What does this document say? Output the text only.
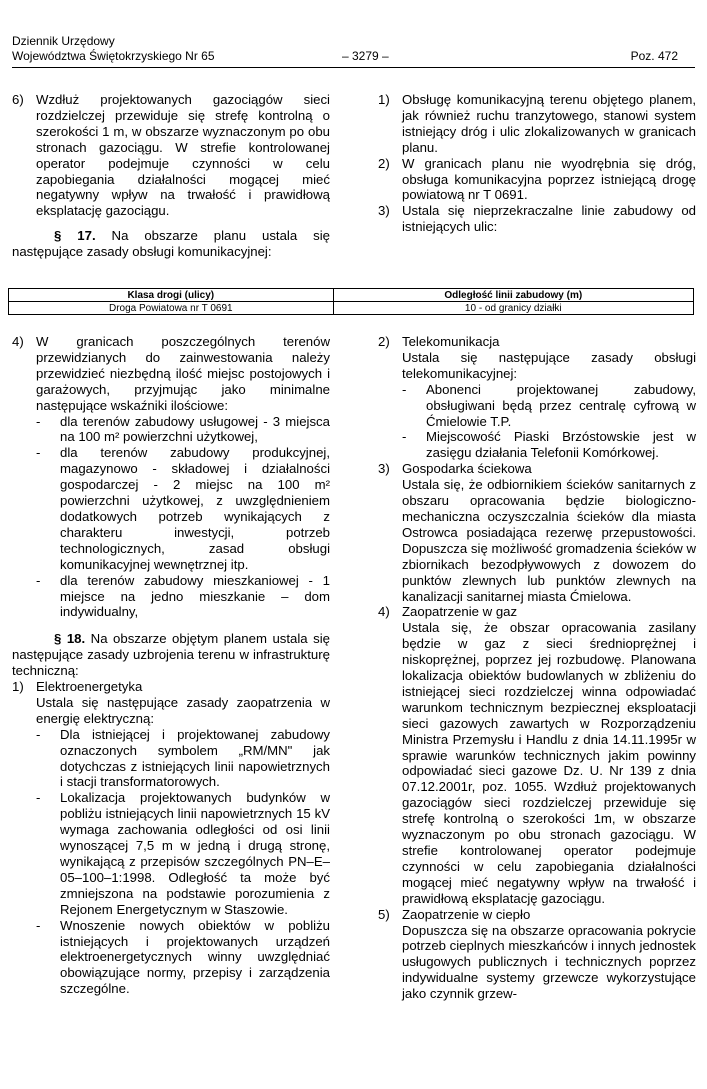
Dziennik Urzędowy
Województwa Świętokrzyskiego Nr 65	– 3279 –	Poz. 472
6) Wzdłuż projektowanych gazociągów sieci rozdzielczej przewiduje się strefę kontrolną o szerokości 1 m, w obszarze wyznaczonym po obu stronach gazociągu. W strefie kontrolowanej operator podejmuje czynności w celu zapobiegania działalności mogącej mieć negatywny wpływ na trwałość i prawidłową eksplatację gazociągu.

§ 17. Na obszarze planu ustala się następujące zasady obsługi komunikacyjnej:

1) Obsługę komunikacyjną terenu objętego planem, jak również ruchu tranzytowego, stanowi system istniejący dróg i ulic zlokalizowanych w granicach planu.
2) W granicach planu nie wyodrębnia się dróg, obsługa komunikacyjna poprzez istniejącą drogę powiatową nr T 0691.
3) Ustala się nieprzekraczalne linie zabudowy od istniejących ulic:
Klasa drogi (ulicy)	Odległość linii zabudowy (m)
Droga Powiatowa nr T 0691	10 - od granicy działki
4) W granicach poszczególnych terenów przewidzianych do zainwestowania należy przewidzieć niezbędną ilość miejsc postojowych i garażowych, przyjmując jako minimalne następujące wskaźniki ilościowe:
-	dla terenów zabudowy usługowej - 3 miejsca na 100 m² powierzchni użytkowej,
-	dla terenów zabudowy produkcyjnej, magazynowo - składowej i działalności gospodarczej - 2 miejsc na 100 m² powierzchni użytkowej, z uwzględnieniem dodatkowych potrzeb wynikających z charakteru inwestycji, potrzeb technologicznych, zasad obsługi komunikacyjnej wewnętrznej itp.
-	dla terenów zabudowy mieszkaniowej - 1 miejsce na jedno mieszkanie – dom indywidualny,

§ 18. Na obszarze objętym planem ustala się następujące zasady uzbrojenia terenu w infrastrukturę techniczną:

1) Elektroenergetyka
Ustala się następujące zasady zaopatrzenia w energię elektryczną:
-	Dla istniejącej i projektowanej zabudowy oznaczonych symbolem „RM/MN" jak dotychczas z istniejących linii napowietrznych i stacji transformatorowych.
-	Lokalizacja projektowanych budynków w pobliżu istniejących linii napowietrznych 15 kV wymaga zachowania odległości od osi linii wynoszącej 7,5 m w jedną i drugą stronę, wynikającą z przepisów szczególnych PN–E–05–100–1:1998. Odległość ta może być zmniejszona na podstawie porozumienia z Rejonem Energetycznym w Staszowie.
-	Wnoszenie nowych obiektów w pobliżu istniejących i projektowanych urządzeń elektroenergetycznych winny uwzględniać obowiązujące normy, przepisy i zarządzenia szczególne.
2) Telekomunikacja
Ustala się następujące zasady obsługi telekomunikacyjnej:
-	Abonenci projektowanej zabudowy, obsługiwani będą przez centralę cyfrową w Ćmielowie T.P.
-	Miejscowość Piaski Brzóstowskie jest w zasięgu działania Telefonii Komórkowej.
3) Gospodarka ściekowa
Ustala się, że odbiornikiem ścieków sanitarnych z obszaru opracowania będzie biologiczno-mechaniczna oczyszczalnia ścieków dla miasta Ostrowca posiadająca rezerwę przepustowości. Dopuszcza się możliwość gromadzenia ścieków w zbiornikach bezodpływowych z dowozem do punktów zlewnych lub punktów zlewnych na kanalizacji sanitarnej miasta Ćmielowa.
4) Zaopatrzenie w gaz
Ustala się, że obszar opracowania zasilany będzie w gaz z sieci średnioprężnej i niskoprężnej, poprzez jej rozbudowę. Planowana lokalizacja obiektów budowlanych w zbliżeniu do istniejącej sieci rozdzielczej winna odpowiadać warunkom technicznym bezpiecznej eksploatacji sieci gazowych zawartych w Rozporządzeniu Ministra Przemysłu i Handlu z dnia 14.11.1995r w sprawie warunków technicznych jakim powinny odpowiadać sieci gazowe Dz. U. Nr 139 z dnia 07.12.2001r, poz. 1055. Wzdłuż projektowanych gazociągów sieci rozdzielczej przewiduje się strefę kontrolną o szerokości 1m, w obszarze wyznaczonym po obu stronach gazociągu. W strefie kontrolowanej operator podejmuje czynności w celu zapobiegania działalności mogącej mieć negatywny wpływ na trwałość i prawidłową eksplatację gazociągu.
5) Zaopatrzenie w ciepło
Dopuszcza się na obszarze opracowania pokrycie potrzeb cieplnych mieszkańców i innych jednostek usługowych publicznych i technicznych poprzez indywidualne systemy grzewcze wykorzystujące jako czynnik grzew-
